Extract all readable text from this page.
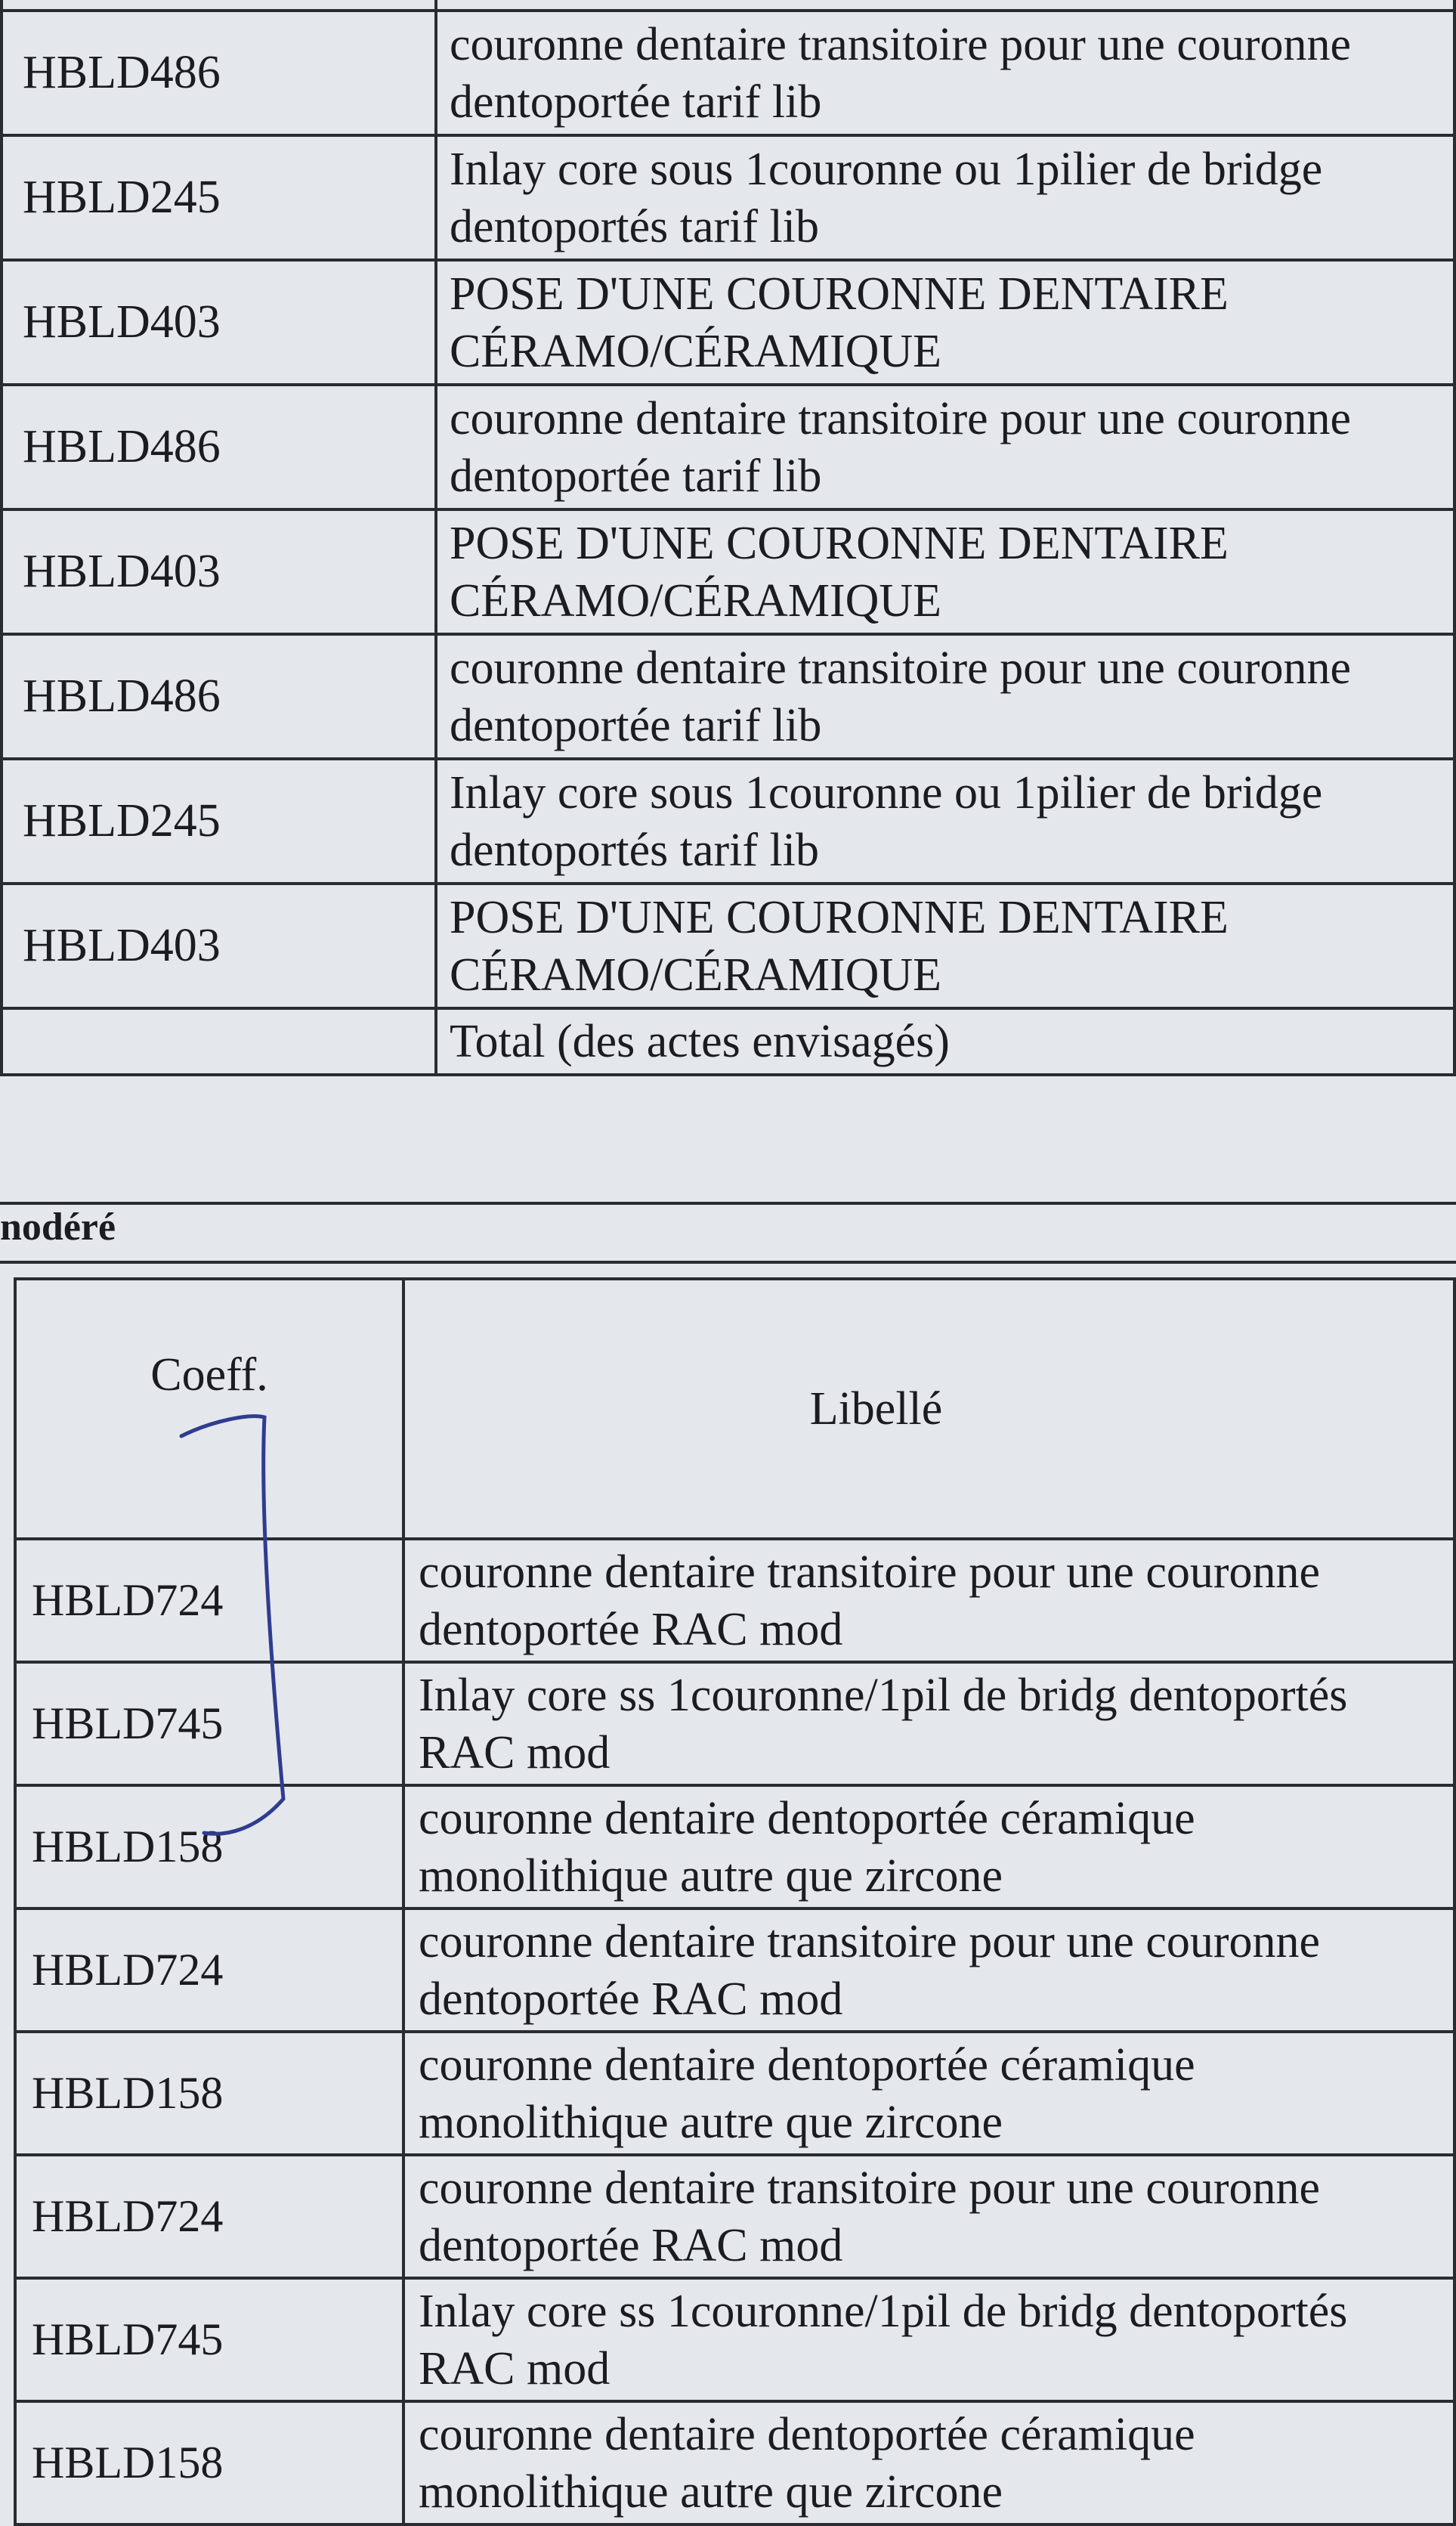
HBLD486	couronne dentaire transitoire pour une couronne dentoportée tarif lib
HBLD245	Inlay core sous 1couronne ou 1pilier de bridge dentoportés tarif lib
HBLD403	POSE D'UNE COURONNE DENTAIRE CÉRAMO/CÉRAMIQUE
HBLD486	couronne dentaire transitoire pour une couronne dentoportée tarif lib
HBLD403	POSE D'UNE COURONNE DENTAIRE CÉRAMO/CÉRAMIQUE
HBLD486	couronne dentaire transitoire pour une couronne dentoportée tarif lib
HBLD245	Inlay core sous 1couronne ou 1pilier de bridge dentoportés tarif lib
HBLD403	POSE D'UNE COURONNE DENTAIRE CÉRAMO/CÉRAMIQUE
	Total (des actes envisagés)
nodéré
Coeff.	Libellé
HBLD724	couronne dentaire transitoire pour une couronne dentoportée RAC mod
HBLD745	Inlay core ss 1couronne/1pil de bridg dentoportés RAC mod
HBLD158	couronne dentaire dentoportée céramique monolithique autre que zircone
HBLD724	couronne dentaire transitoire pour une couronne dentoportée RAC mod
HBLD158	couronne dentaire dentoportée céramique monolithique autre que zircone
HBLD724	couronne dentaire transitoire pour une couronne dentoportée RAC mod
HBLD745	Inlay core ss 1couronne/1pil de bridg dentoportés RAC mod
HBLD158	couronne dentaire dentoportée céramique monolithique autre que zircone
